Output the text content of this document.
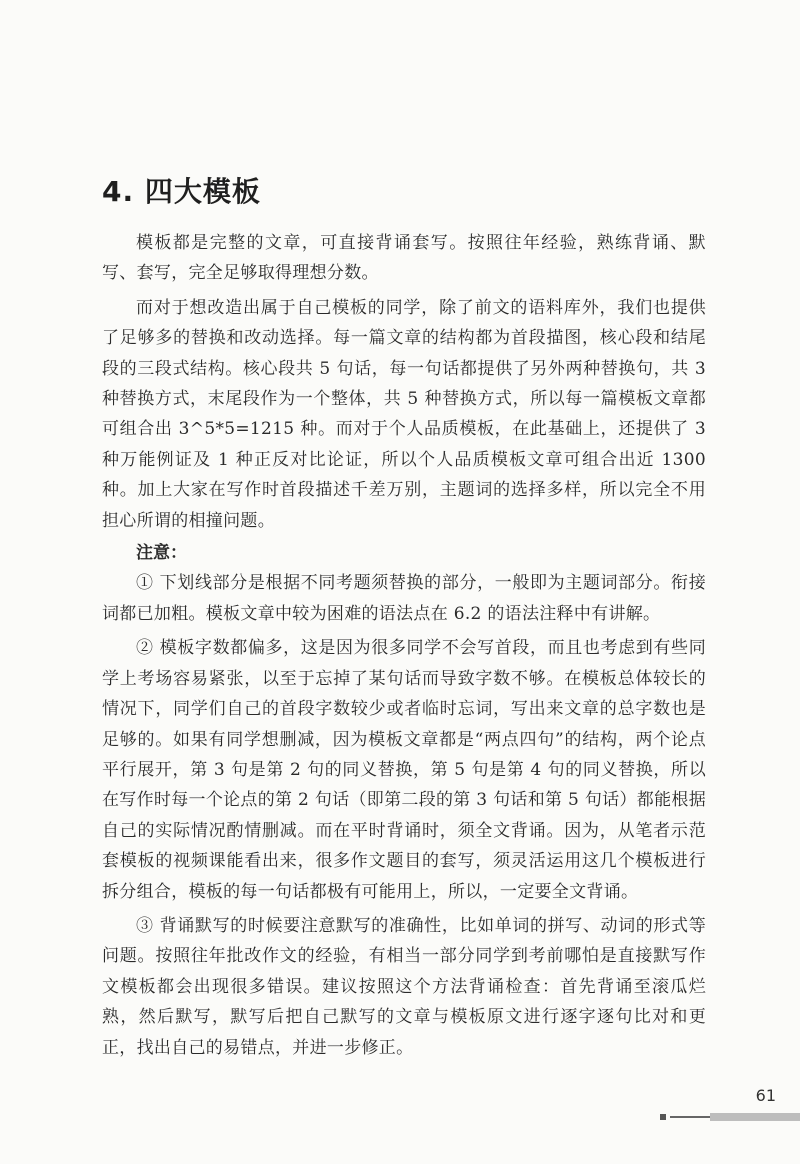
4. 四大模板

模板都是完整的文章，可直接背诵套写。按照往年经验，熟练背诵、默写、套写，完全足够取得理想分数。

而对于想改造出属于自己模板的同学，除了前文的语料库外，我们也提供了足够多的替换和改动选择。每一篇文章的结构都为首段描图，核心段和结尾段的三段式结构。核心段共 5 句话，每一句话都提供了另外两种替换句，共 3 种替换方式，末尾段作为一个整体，共 5 种替换方式，所以每一篇模板文章都可组合出 3^5*5=1215 种。而对于个人品质模板，在此基础上，还提供了 3 种万能例证及 1 种正反对比论证，所以个人品质模板文章可组合出近 1300 种。加上大家在写作时首段描述千差万别，主题词的选择多样，所以完全不用担心所谓的相撞问题。

注意：

① 下划线部分是根据不同考题须替换的部分，一般即为主题词部分。衔接词都已加粗。模板文章中较为困难的语法点在 6.2 的语法注释中有讲解。

② 模板字数都偏多，这是因为很多同学不会写首段，而且也考虑到有些同学上考场容易紧张，以至于忘掉了某句话而导致字数不够。在模板总体较长的情况下，同学们自己的首段字数较少或者临时忘词，写出来文章的总字数也是足够的。如果有同学想删减，因为模板文章都是“两点四句”的结构，两个论点平行展开，第 3 句是第 2 句的同义替换，第 5 句是第 4 句的同义替换，所以在写作时每一个论点的第 2 句话（即第二段的第 3 句话和第 5 句话）都能根据自己的实际情况酌情删减。而在平时背诵时，须全文背诵。因为，从笔者示范套模板的视频课能看出来，很多作文题目的套写，须灵活运用这几个模板进行拆分组合，模板的每一句话都极有可能用上，所以，一定要全文背诵。

③ 背诵默写的时候要注意默写的准确性，比如单词的拼写、动词的形式等问题。按照往年批改作文的经验，有相当一部分同学到考前哪怕是直接默写作文模板都会出现很多错误。建议按照这个方法背诵检查：首先背诵至滚瓜烂熟，然后默写，默写后把自己默写的文章与模板原文进行逐字逐句比对和更正，找出自己的易错点，并进一步修正。

61
